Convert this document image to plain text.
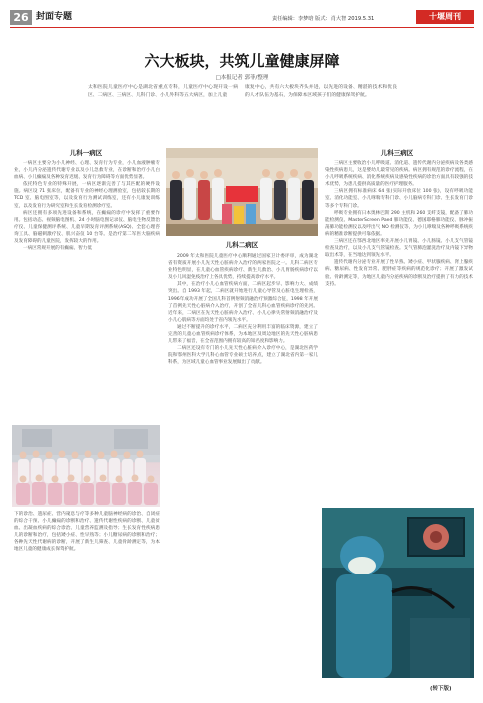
26 封面专题	责任编辑：李梦晗 版式：肖大智 2019.5.31	十堰周刊
六大板块，共筑儿童健康屏障
□本报记者 郭菲/整理
太和医院儿童医疗中心是湖北省重点专科，儿童医疗中心现开设一病区、二病区、三病区、儿科门诊、小儿外科等五大病区，加上儿童
康复中心，共有六大板块齐头并进，以先进的设备、精湛的技术和优良的人才队伍为基石，为保障本区域孩子们的健康保驾护航。
儿科一病区

一病区主要分为小儿神经、心理、发育行为专业，小儿血液肿瘤专业，小儿内分泌遗传代谢专业以及小儿急救专业，在诊断和治疗小儿白血病、小儿癫痫及各种发育迟缓、发育行为障碍等方面优势显著。

依托特色专业的特殊开展，一病区逐渐完善了与其匹配的硬件设施。病区设 71 张床位，配备有专业的神经心理测验室，包括较长期的 TCD 室、脑电图室等，以及发育行为测试训练室，还有小儿康复训练室，以及发育行为研究室和生长发育检测诊疗室。

病区还拥有多项先进设备和系统，在癫痫的诊疗中发挥了重要作用。包括动态、视频脑电图机、24 小时脑电图记录仪、脑电生物反馈治疗仪、儿童保健测评系统、儿童早期发育评测系统(ASQ)、全套心理咨询工具、脑磁刺激疗仪、肌兴奋仪 10 台等。是治疗第二军医大脑疾病及发育障碍的儿童医院，发挥较大的作用。

一病区常规开展的有癫痫、智力低

下的诊治、遗尿症、营内窥息与疗等多种儿童脑神经病的诊治、自闭症的综合干预、小儿癫痫的诊断和治疗、遗传代谢性疾病的诊断、儿童贫血、出凝血疾病的综合诊治、儿童营养监测及指导；生长发育性疾病患儿的诊断和治疗，包括矮小症、性早熟等；小儿糖尿病的诊断和治疗；各种先天性代谢病的诊断，开展了新生儿筛查、儿童骨龄测定等，为本地区儿童的健康成长保驾护航。

儿科二病区

2009 年太和医院儿童医疗中心顺利通过国家卫计委评审，成为湖北省有资质开展小儿先天性心脏病介入治疗的两家医院之一。儿科二病区专业特色明显，在儿童心血管疾病诊疗、新生儿救治、小儿胃肠疾病诊疗以及小儿风湿免疫治疗上各具优势，持续提高诊疗水平。

其中，在治疗小儿心血管疾病方面，二病区起步早、影响力大、成绩突出。自 1993 年起，二病区就开始进行儿童心导管及心脏电生理检查，1996年成功开展了全国儿科首例射频消融治疗预激综合征，1998 年开展了首例先天性心脏病介入治疗，开创了全省儿科心血管疾病诊疗的先河。近年来，二病区在先天性心脏病介入治疗、小儿心律失常射频消融治疗及小儿心肌病等方面均处于省内领先水平。

通过不断提升的诊疗水平，二病区充分利用丰富的临床资源，建立了完善的儿童心血管疾病诊疗体系，为本地区及周边地区的先天性心脏病患儿带来了福音，在全省范围内拥有较高的知名度和影响力。

二病区还设有专门的小儿先天性心脏病介入诊疗中心，是湖北医药学院和鄂州医科大学儿科心血管专业硕士培养点，建立了湖北省内第一家儿科系，为区域儿童心血管事业发展做出了贡献。

儿科三病区

三病区主要收治小儿呼吸道、消化道、遗传代谢内分泌疾病及各类感染性疾病患儿，这是婴幼儿最常见的疾病。病区拥有规范的诊疗流程，在小儿呼吸系统疾病、消化系统疾病及感染性疾病的诊治方面具有较强的技术优势，为患儿提供高质量的医疗护理服务。

三病区拥有标准病床 64 张(实际开放床位 100 张)，设有呼吸功能室、消化功能室、小儿哮喘专科门诊、小儿脑病专科门诊、生长发育门诊等多个专科门诊。

呼吸专业拥有日本奥林巴斯 290 主机和 260 支纤支镜，配备了肺功能检测仪、MasterScreen Paed 肺功能仪、德国耶格肺功能仪、脉冲振荡肺功能检测仪以及呼出气 NO 检测仪等，为小儿哮喘及各种呼吸系统疾病的精准诊断提供可靠依据。

三病区还在鄂西北地区率先开展小儿胃镜、小儿肠镜、小儿支气管镜检查及治疗，以及小儿支气管镜检查。支气管肺泡灌洗治疗及内镜下异物取出术等，在当地达到领先水平。

遗传代谢内分泌专业开展了性早熟、矮小症、甲状腺疾病、肾上腺疾病、糖尿病、性发育异常、肥胖症等疾病的规范化诊疗；开展了激发试验、骨龄测定等，为地区儿童内分泌疾病的诊断及治疗提供了有力的技术支持。

(转下版)
